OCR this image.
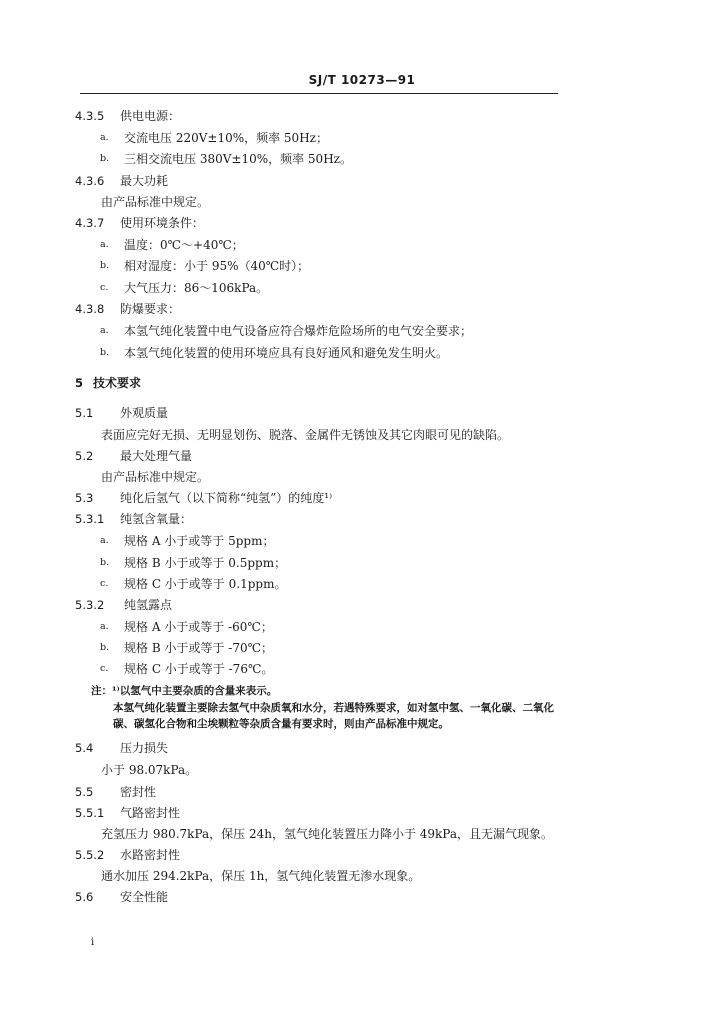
SJ/T 10273—91
4.3.5 供电电源：
a. 交流电压 220V±10%，频率 50Hz；
b. 三相交流电压 380V±10%，频率 50Hz。
4.3.6 最大功耗
由产品标准中规定。
4.3.7 使用环境条件：
a. 温度：0℃～+40℃；
b. 相对湿度：小于 95%（40℃时）；
c. 大气压力：86～106kPa。
4.3.8 防爆要求：
a. 本氢气纯化装置中电气设备应符合爆炸危险场所的电气安全要求；
b. 本氢气纯化装置的使用环境应具有良好通风和避免发生明火。
5 技术要求
5.1 外观质量
表面应完好无损、无明显划伤、脱落、金属件无锈蚀及其它肉眼可见的缺陷。
5.2 最大处理气量
由产品标准中规定。
5.3 纯化后氢气（以下简称“纯氢”）的纯度¹⁾
5.3.1 纯氢含氧量：
a. 规格 A 小于或等于 5ppm；
b. 规格 B 小于或等于 0.5ppm；
c. 规格 C 小于或等于 0.1ppm。
5.3.2 纯氢露点
a. 规格 A 小于或等于 -60℃；
b. 规格 B 小于或等于 -70℃；
c. 规格 C 小于或等于 -76℃。
注：¹⁾以氢气中主要杂质的含量来表示。
本氢气纯化装置主要除去氢气中杂质氧和水分，若遇特殊要求，如对氢中氢、一氧化碳、二氧化
碳、碳氢化合物和尘埃颗粒等杂质含量有要求时，则由产品标准中规定。
5.4 压力损失
小于 98.07kPa。
5.5 密封性
5.5.1 气路密封性
充氢压力 980.7kPa，保压 24h，氢气纯化装置压力降小于 49kPa，且无漏气现象。
5.5.2 水路密封性
通水加压 294.2kPa，保压 1h，氢气纯化装置无渗水现象。
5.6 安全性能
i
